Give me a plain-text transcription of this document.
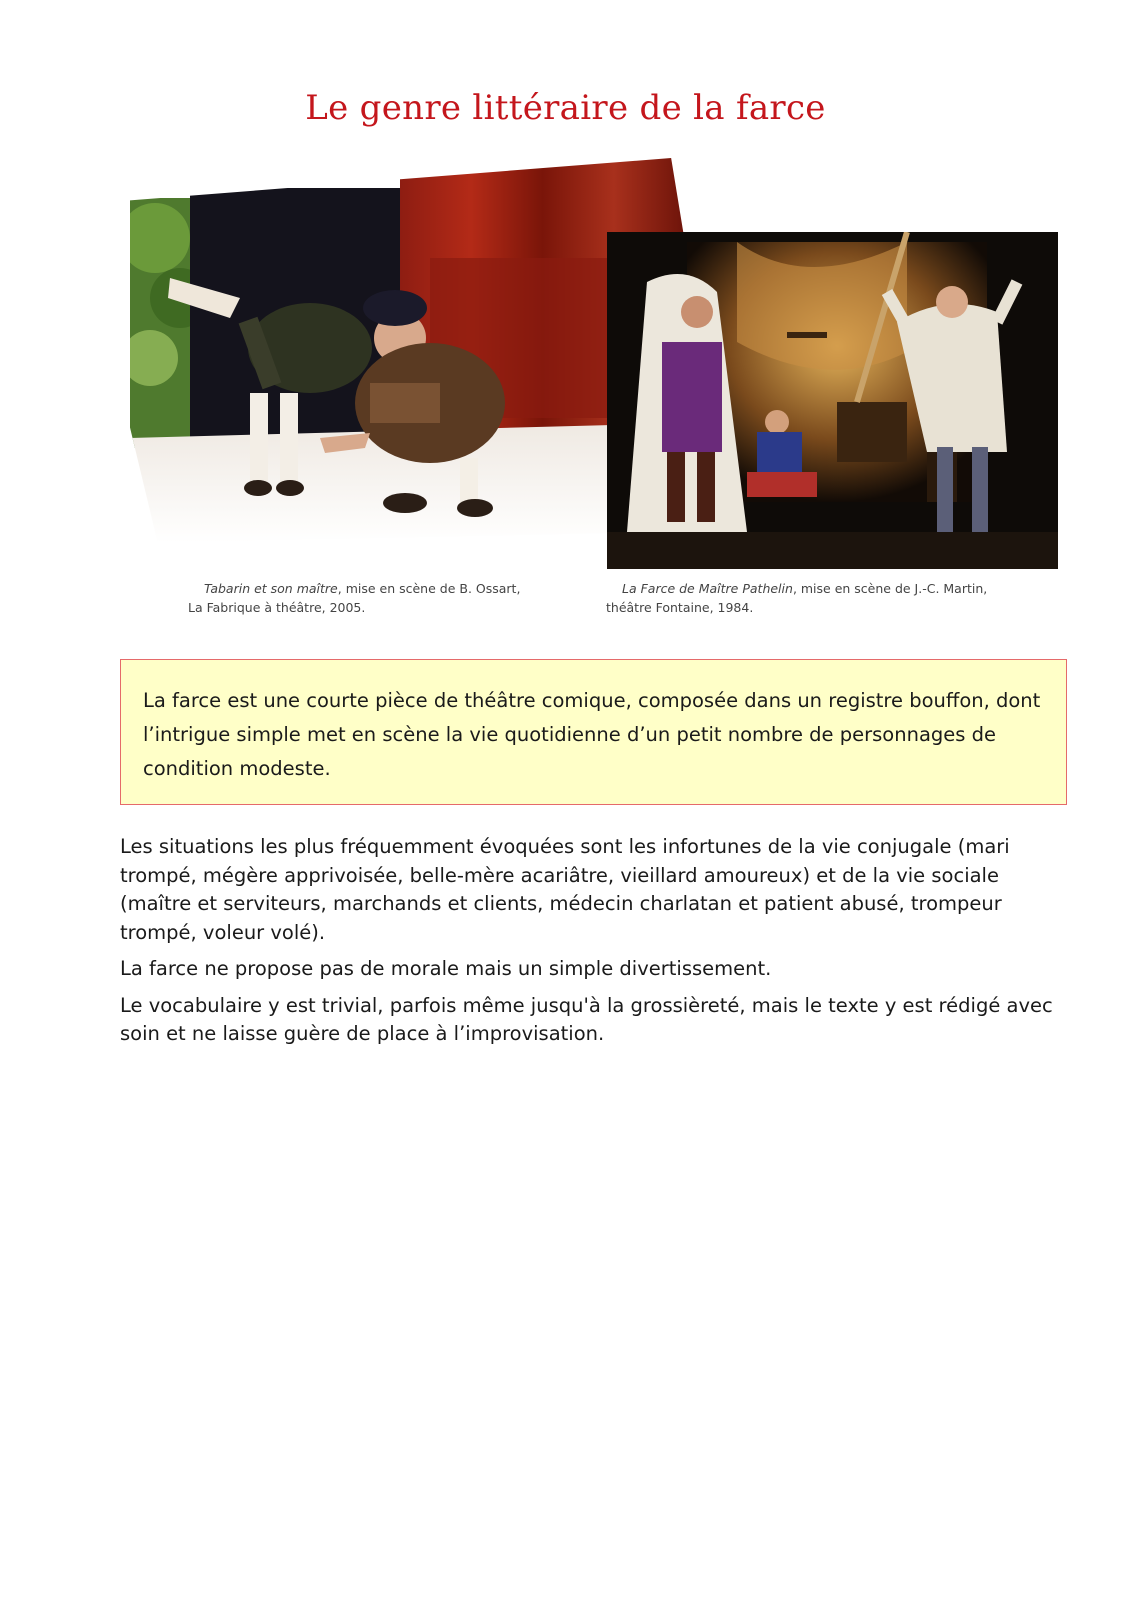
Le genre littéraire de la farce
Tabarin et son maître, mise en scène de B. Ossart,
La Fabrique à théâtre, 2005.
La Farce de Maître Pathelin, mise en scène de J.-C. Martin,
théâtre Fontaine, 1984.

La farce est une courte pièce de théâtre comique, composée dans un registre bouffon, dont l’intrigue simple met en scène la vie quotidienne d’un petit nombre de personnages de condition modeste.

Les situations les plus fréquemment évoquées sont les infortunes de la vie conjugale (mari trompé, mégère apprivoisée, belle-mère acariâtre, vieillard amoureux) et de la vie sociale (maître et serviteurs, marchands et clients, médecin charlatan et patient abusé, trompeur trompé, voleur volé).

La farce ne propose pas de morale mais un simple divertissement.

Le vocabulaire y est trivial, parfois même jusqu'à la grossièreté, mais le texte y est rédigé avec soin et ne laisse guère de place à l’improvisation.
